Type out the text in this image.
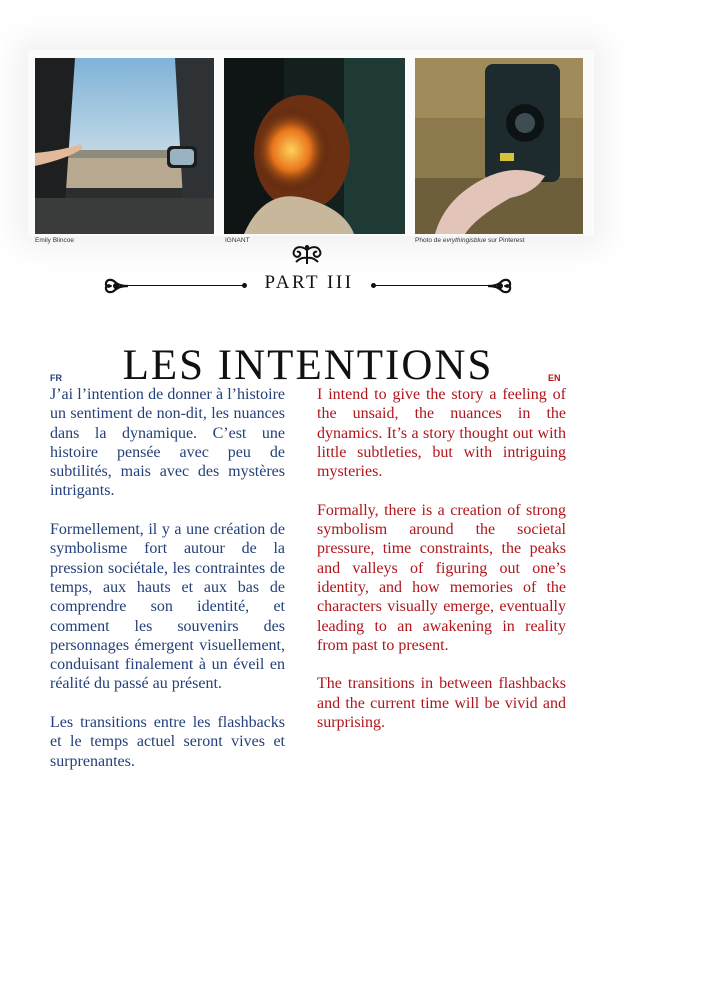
Emily Blincoe	IGNANT	Photo de evrythingisblue sur Pinterest
PART III
LES INTENTIONS
FR	EN

J’ai l’intention de donner à l’histoire un sentiment de non-dit, les nuances dans la dynamique. C’est une histoire pensée avec peu de subtilités, mais avec des mystères intrigants.

Formellement, il y a une création de symbolisme fort autour de la pression sociétale, les contraintes de temps, aux hauts et aux bas de comprendre son identité, et comment les souvenirs des personnages émergent visuellement, conduisant finalement à un éveil en réalité du passé au présent.

Les transitions entre les flashbacks et le temps actuel seront vives et surprenantes.

I intend to give the story a feeling of the unsaid, the nuances in the dynamics. It’s a story thought out with little subtleties, but with intriguing mysteries.

Formally, there is a creation of strong symbolism around the societal pressure, time constraints, the peaks and valleys of figuring out one’s identity, and how memories of the characters visually emerge, eventually leading to an awakening in reality from past to present.

The transitions in between flashbacks and the current time will be vivid and surprising.
